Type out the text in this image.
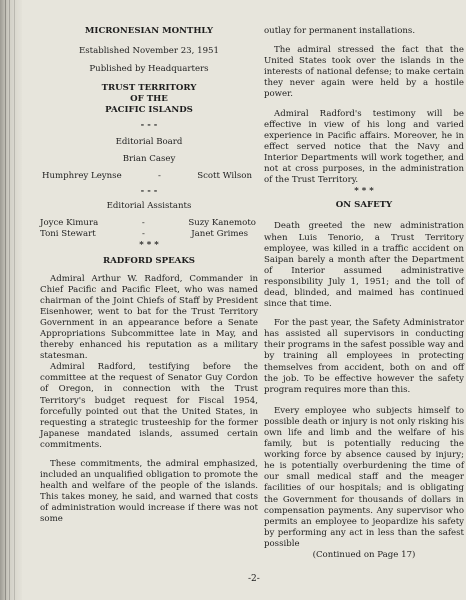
MICRONESIAN MONTHLY
Established November 23, 1951
Published by Headquarters
TRUST TERRITORY
OF THE
PACIFIC ISLANDS
- - -
Editorial Board
Brian Casey
Humphrey Leynse	-	Scott Wilson
- - -
Editorial Assistants
Joyce Kimura	-	Suzy Kanemoto
Toni Stewart	-	Janet Grimes
* * *
RADFORD SPEAKS

Admiral Arthur W. Radford, Commander in Chief Pacific and Pacific Fleet, who was named chairman of the Joint Chiefs of Staff by President Eisenhower, went to bat for the Trust Territory Government in an appearance before a Senate Appropriations Subcommittee late in May, and thereby enhanced his reputation as a military statesman.

Admiral Radford, testifying before the committee at the request of Senator Guy Cordon of Oregon, in connection with the Trust Territory's budget request for Fiscal 1954, forcefully pointed out that the United States, in requesting a strategic trusteeship for the former Japanese mandated islands, assumed certain commitments.

These commitments, the admiral emphasized, included an unqualified obligation to promote the health and welfare of the people of the islands. This takes money, he said, and warned that costs of administration would increase if there was not some

outlay for permanent installations.

The admiral stressed the fact that the United States took over the islands in the interests of national defense; to make certain they never again were held by a hostile power.

Admiral Radford's testimony will be effective in view of his long and varied experience in Pacific affairs. Moreover, he in effect served notice that the Navy and Interior Departments will work together, and not at cross purposes, in the administration of the Trust Territory.

* * *
ON SAFETY

Death greeted the new administration when Luis Tenorio, a Trust Territory employee, was killed in a traffic accident on Saipan barely a month after the Department of Interior assumed administrative responsibility July 1, 1951; and the toll of dead, blinded, and maimed has continued since that time.

For the past year, the Safety Administrator has assisted all supervisors in conducting their programs in the safest possible way and by training all employees in protecting themselves from accident, both on and off the job. To be effective however the safety program requires more than this.

Every employee who subjects himself to possible death or injury is not only risking his own life and limb and the welfare of his family, but is potentially reducing the working force by absence caused by injury; he is potentially overburdening the time of our small medical staff and the meager facilities of our hospitals; and is obligating the Government for thousands of dollars in compensation payments. Any supervisor who permits an employee to jeopardize his safety by performing any act in less than the safest possible

(Continued on Page 17)
-2-
